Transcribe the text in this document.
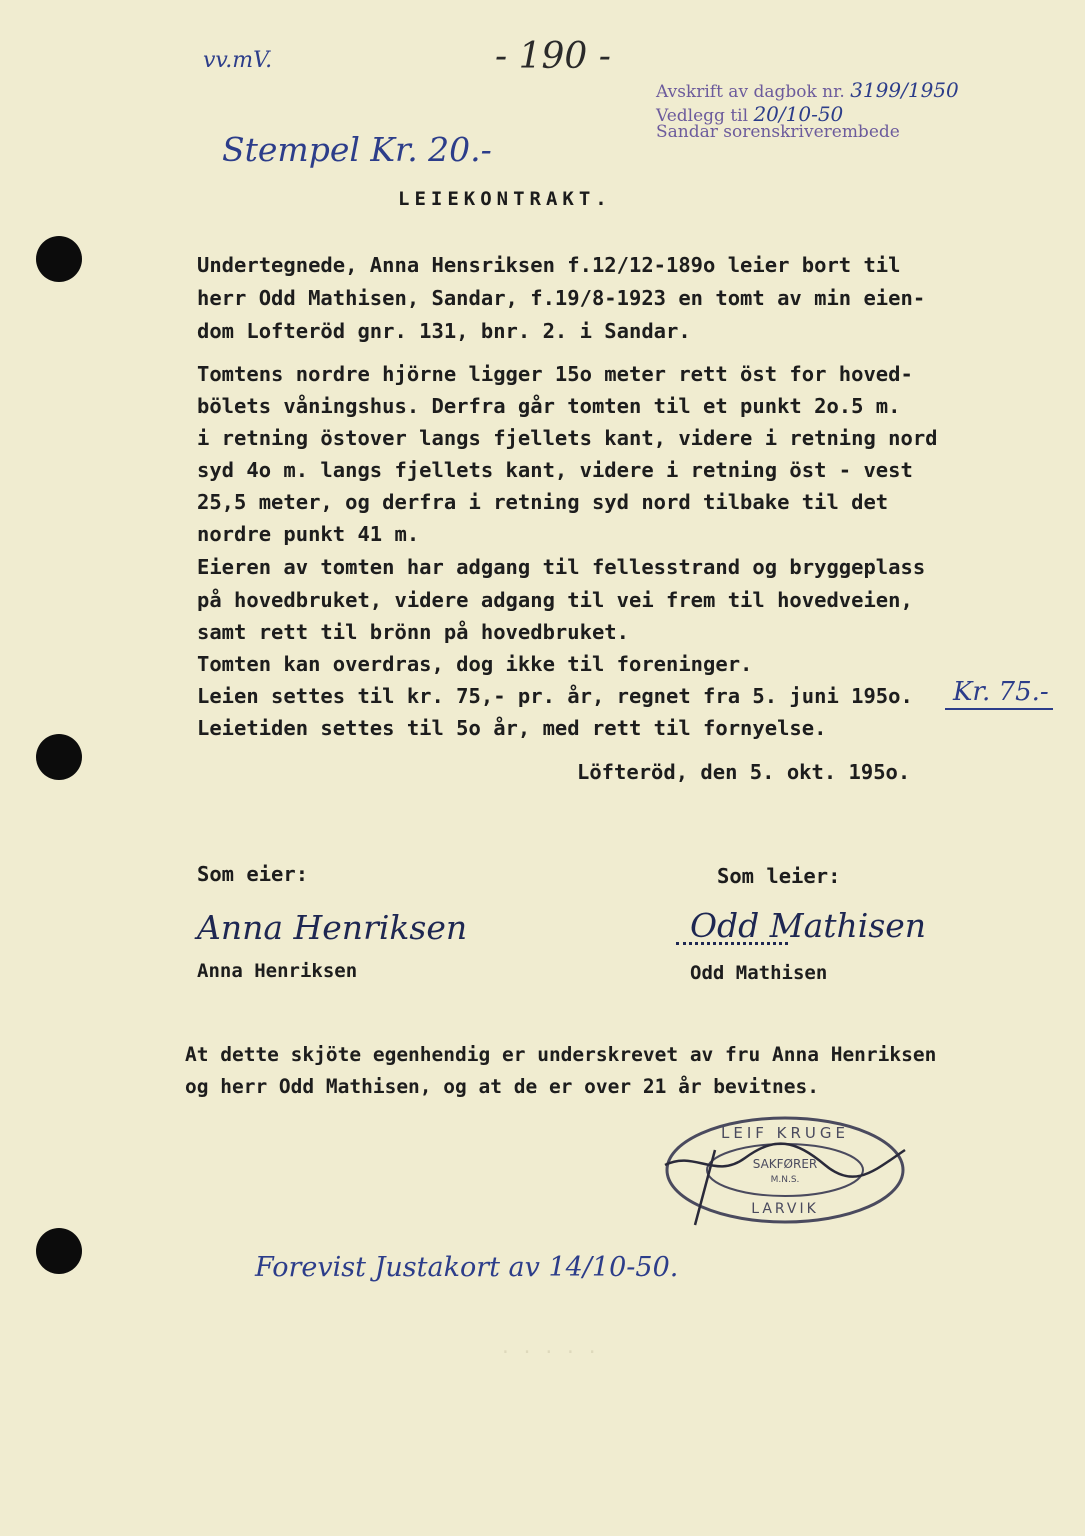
vv.mV.	- 190 -
Avskrift av dagbok nr. 3199/1950
Vedlegg til 20/10-50
Sandar sorenskriverembede
Stempel Kr. 20.-
LEIEKONTRAKT.
Undertegnede, Anna Hensriksen f.12/12-189o leier bort til
herr Odd Mathisen, Sandar, f.19/8-1923 en tomt av min eien-
dom Lofteröd gnr. 131, bnr. 2. i Sandar.
Tomtens nordre hjörne ligger 15o meter rett öst for hoved-
bölets våningshus. Derfra går tomten til et punkt 2o.5 m.
i retning östover langs fjellets kant, videre i retning nord
syd 4o m. langs fjellets kant, videre i retning öst - vest
25,5 meter, og derfra i retning syd nord tilbake til det
nordre punkt 41 m.
Eieren av tomten har adgang til fellesstrand og bryggeplass
på hovedbruket, videre adgang til vei frem til hovedveien,
samt rett til brönn på hovedbruket.
Tomten kan overdras, dog ikke til foreninger.
Leien settes til kr. 75,- pr. år, regnet fra 5. juni 195o.
Leietiden settes til 5o år, med rett til fornyelse.
Kr. 75.-
Löfteröd, den 5. okt. 195o.
Som eier:	Som leier:
Anna Henriksen	Odd Mathisen
Anna Henriksen	Odd Mathisen
At dette skjöte egenhendig er underskrevet av fru Anna Henriksen
og herr Odd Mathisen, og at de er over 21 år bevitnes.
LEIF KRUGE
SAKFØRER
M.N.S.
LARVIK
Forevist Justakort av 14/10-50.
· · · · ·
